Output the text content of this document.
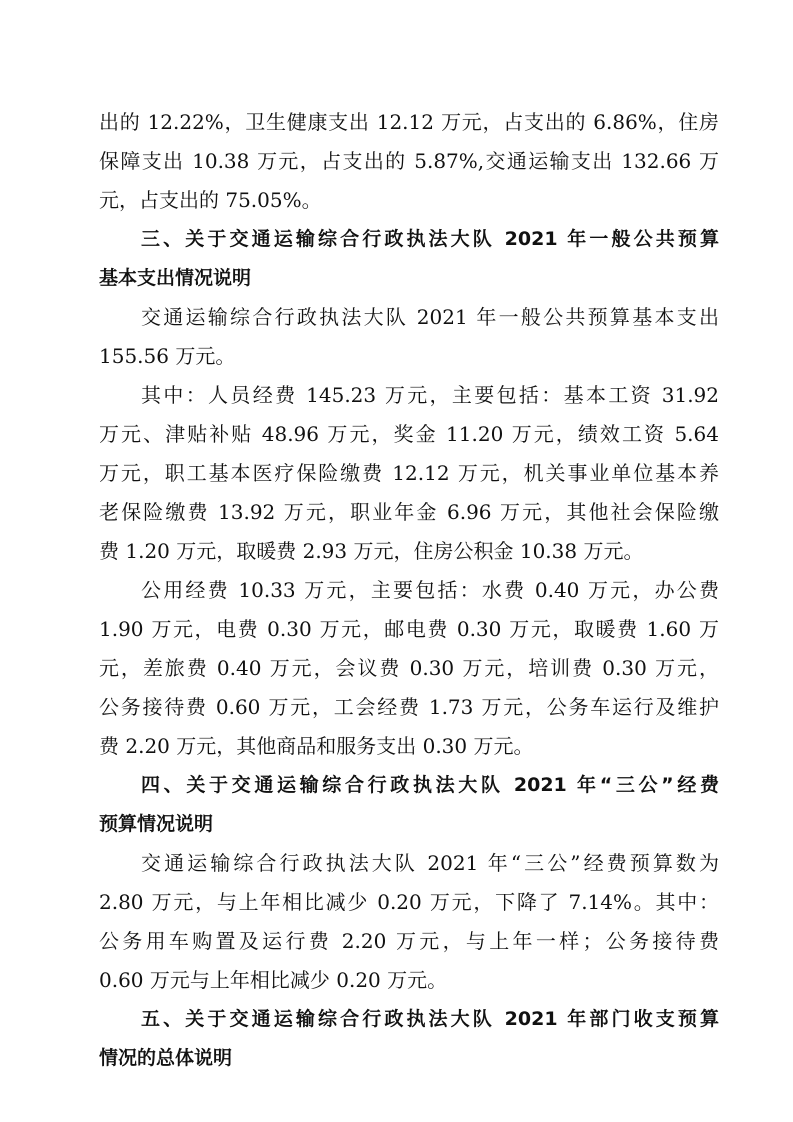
出的 12.22%，卫生健康支出 12.12 万元，占支出的 6.86%，住房
保障支出 10.38 万元，占支出的 5.87%,交通运输支出 132.66 万
元，占支出的 75.05%。
三、关于交通运输综合行政执法大队 2021 年一般公共预算
基本支出情况说明
交通运输综合行政执法大队 2021 年一般公共预算基本支出
155.56 万元。
其中：人员经费 145.23 万元，主要包括：基本工资 31.92
万元、津贴补贴 48.96 万元，奖金 11.20 万元，绩效工资 5.64
万元，职工基本医疗保险缴费 12.12 万元，机关事业单位基本养
老保险缴费 13.92 万元，职业年金 6.96 万元，其他社会保险缴
费 1.20 万元，取暖费 2.93 万元，住房公积金 10.38 万元。
公用经费 10.33 万元，主要包括：水费 0.40 万元，办公费
1.90 万元，电费 0.30 万元，邮电费 0.30 万元，取暖费 1.60 万
元，差旅费 0.40 万元，会议费 0.30 万元，培训费 0.30 万元，
公务接待费 0.60 万元，工会经费 1.73 万元，公务车运行及维护
费 2.20 万元，其他商品和服务支出 0.30 万元。
四、关于交通运输综合行政执法大队 2021 年“三公”经费
预算情况说明
交通运输综合行政执法大队 2021 年“三公”经费预算数为
2.80 万元，与上年相比减少 0.20 万元，下降了 7.14%。其中：
公务用车购置及运行费 2.20 万元，与上年一样；公务接待费
0.60 万元与上年相比减少 0.20 万元。
五、关于交通运输综合行政执法大队 2021 年部门收支预算
情况的总体说明
